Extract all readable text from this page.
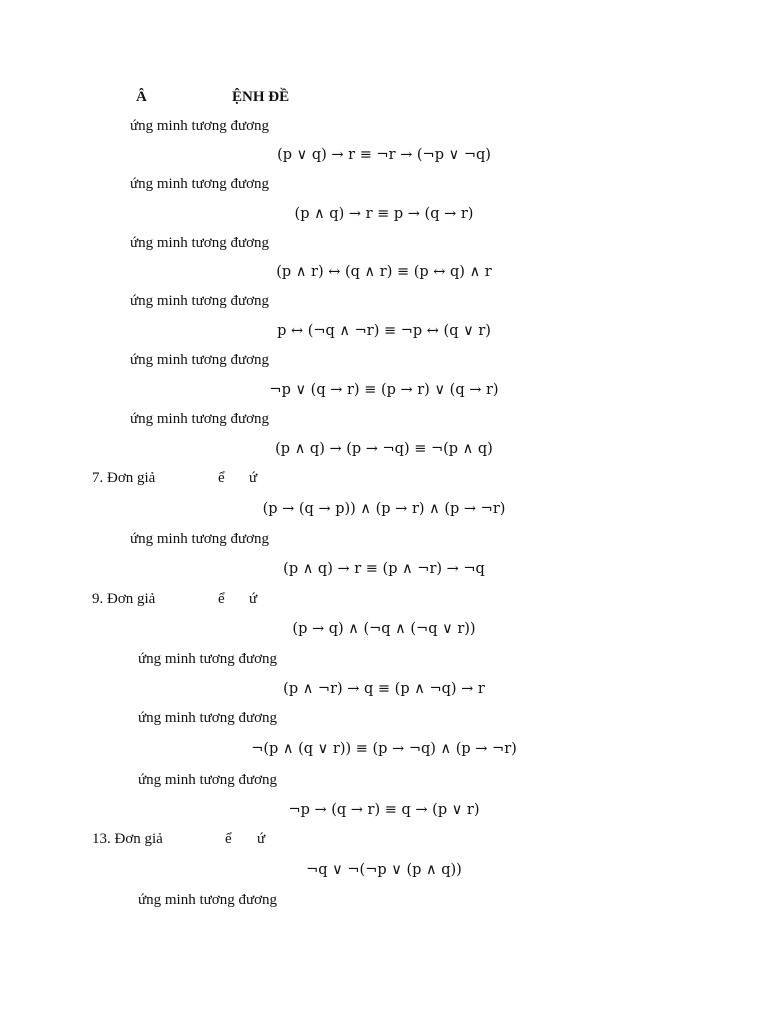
Â	ỆNH ĐỀ
ứng minh tương đương
(p ∨ q) → r ≡ ¬r → (¬p ∨ ¬q)
ứng minh tương đương
(p ∧ q) → r ≡ p → (q → r)
ứng minh tương đương
(p ∧ r) ↔ (q ∧ r) ≡ (p ↔ q) ∧ r
ứng minh tương đương
p ↔ (¬q ∧ ¬r) ≡ ¬p ↔ (q ∨ r)
ứng minh tương đương
¬p ∨ (q → r) ≡ (p → r) ∨ (q → r)
ứng minh tương đương
(p ∧ q) → (p → ¬q) ≡ ¬(p ∧ q)
7. Đơn giả	ể ứ
(p → (q → p)) ∧ (p → r) ∧ (p → ¬r)
ứng minh tương đương
(p ∧ q) → r ≡ (p ∧ ¬r) → ¬q
9. Đơn giả	ể ứ
(p → q) ∧ (¬q ∧ (¬q ∨ r))
ứng minh tương đương
(p ∧ ¬r) → q ≡ (p ∧ ¬q) → r
ứng minh tương đương
¬(p ∧ (q ∨ r)) ≡ (p → ¬q) ∧ (p → ¬r)
ứng minh tương đương
¬p → (q → r) ≡ q → (p ∨ r)
13. Đơn giả	ể ứ
¬q ∨ ¬(¬p ∨ (p ∧ q))
ứng minh tương đương
